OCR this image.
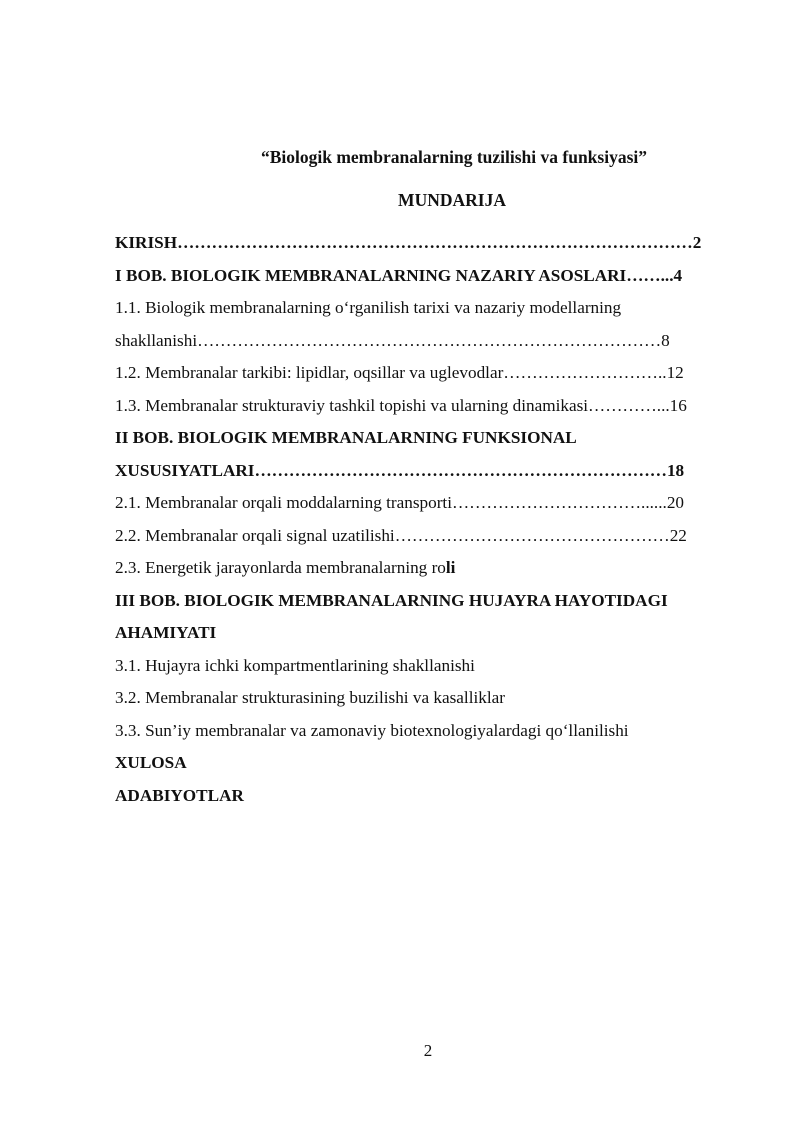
“Biologik membranalarning tuzilishi va funksiyasi”
MUNDARIJA
KIRISH………………………………………………………………………………2
I BOB. BIOLOGIK MEMBRANALARNING NAZARIY ASOSLARI……...4
1.1. Biologik membranalarning o‘rganilish tarixi va nazariy modellarning
shakllanishi………………………………………………………………………8
1.2. Membranalar tarkibi: lipidlar, oqsillar va uglevodlar………………………..12
1.3. Membranalar strukturaviy tashkil topishi va ularning dinamikasi…………...16
II BOB. BIOLOGIK MEMBRANALARNING FUNKSIONAL
XUSUSIYATLARI………………………………………………………………18
2.1. Membranalar orqali moddalarning transporti……………………………......20
2.2. Membranalar orqali signal uzatilishi…………………………………………22
2.3. Energetik jarayonlarda membranalarning roli
III BOB. BIOLOGIK MEMBRANALARNING HUJAYRA HAYOTIDAGI
AHAMIYATI
3.1. Hujayra ichki kompartmentlarining shakllanishi
3.2. Membranalar strukturasining buzilishi va kasalliklar
3.3. Sun’iy membranalar va zamonaviy biotexnologiyalardagi qo‘llanilishi
XULOSA
ADABIYOTLAR
2
